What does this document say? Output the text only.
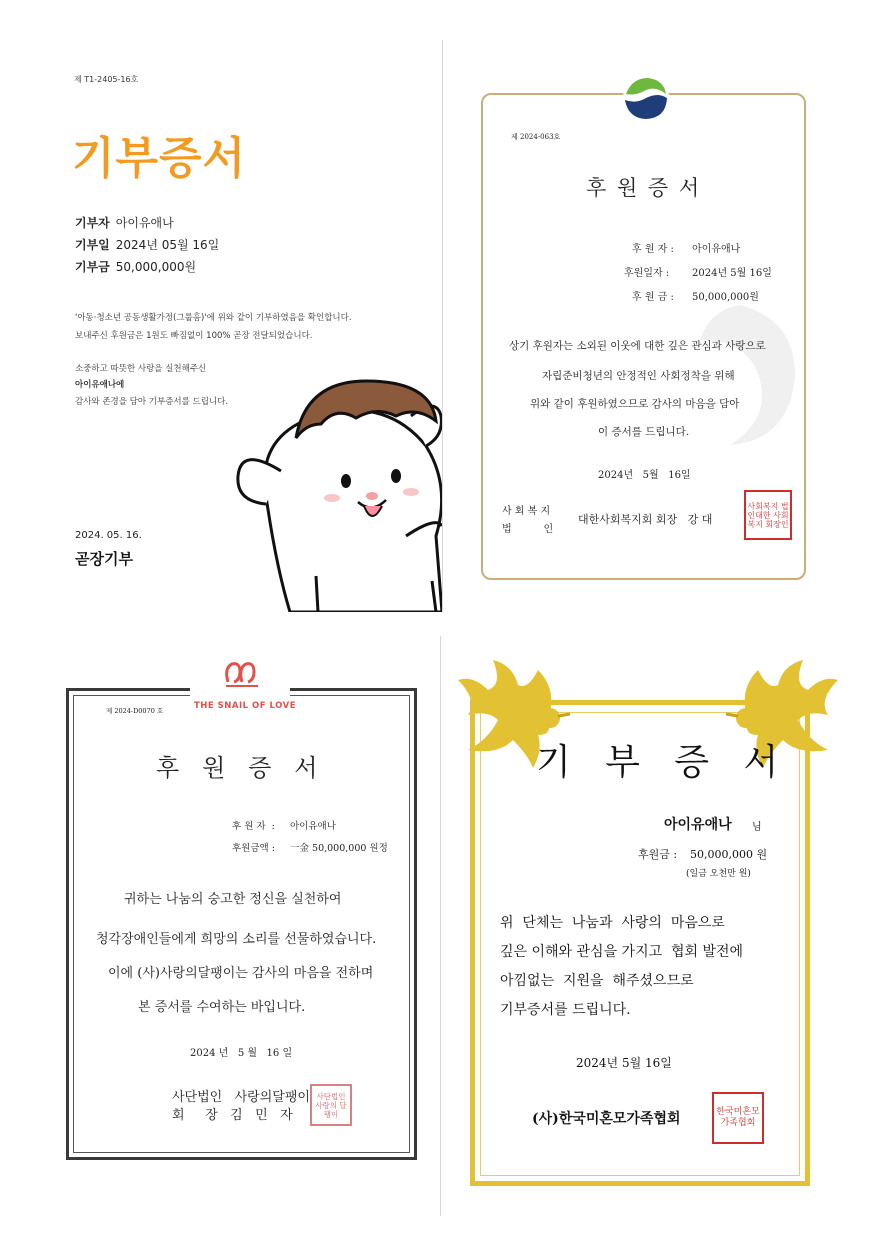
제 T1-2405-16호
기부증서
기부자 아이유애나
기부일 2024년 05월 16일
기부금 50,000,000원
'아동·청소년 공동생활가정(그룹홈)'에 위와 같이 기부하였음을 확인합니다.
보내주신 후원금은 1원도 빠짐없이 100% 곧장 전달되었습니다.
소중하고 따뜻한 사랑을 실천해주신
아이유애나에
감사와 존경을 담아 기부증서를 드립니다.
2024. 05. 16.
곧장기부
제 2024-063호
후 원 증 서
후 원 자 : 아이유애나
후원일자 : 2024년 5월 16일
후 원 금 : 50,000,000원
상기 후원자는 소외된 이웃에 대한 깊은 관심과 사랑으로
자립준비청년의 안정적인 사회정착을 위해
위와 같이 후원하였으므로 감사의 마음을 담아
이 증서를 드립니다.
2024년   5월   16일
사 회 복 지
법          인
대한사회복지회 회장   강 대
사회복지 법인대한 사회복지 회장인
THE SNAIL OF LOVE
제 2024-D0070 호
후   원   증   서
후 원 자  : 아이유애나
후원금액 : 一金 50,000,000 원정
귀하는 나눔의 숭고한 정신을 실천하여
청각장애인들에게 희망의 소리를 선물하였습니다.
이에 (사)사랑의달팽이는 감사의 마음을 전하며
본 증서를 수여하는 바입니다.
2024 년   5 월   16 일
사단법인   사랑의달팽이
회     장   김   민   자
사단법인 사랑의 달팽이
기   부   증   서
아이유애나 님
후원금 : 50,000,000 원
(일금 오천만 원)
위  단체는  나눔과  사랑의  마음으로
깊은 이해와 관심을 가지고  협회 발전에
아낌없는  지원을  해주셨으므로
기부증서를 드립니다.
2024년 5월 16일
(사)한국미혼모가족협회	한국미혼모 가족협회
